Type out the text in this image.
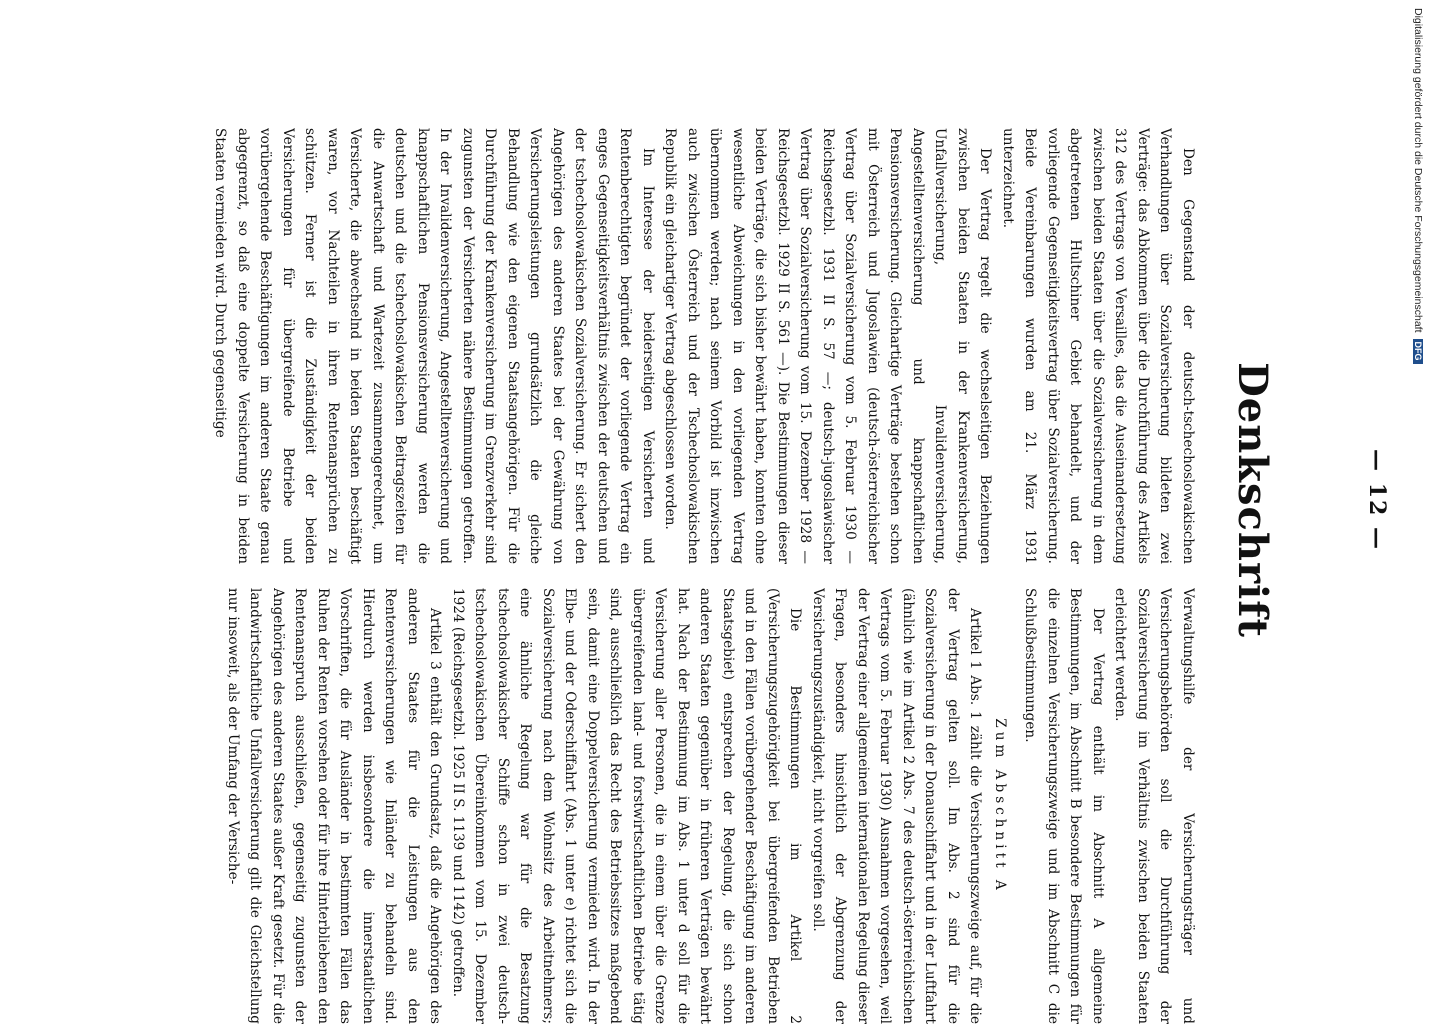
— 12 —
Denkschrift

Den Gegenstand der deutsch-tschechoslowakischen Verhandlungen über Sozialversicherung bildeten zwei Verträge: das Abkommen über die Durchführung des Artikels 312 des Vertrags von Versailles, das die Auseinandersetzung zwischen beiden Staaten über die Sozialversicherung in dem abgetretenen Hultschiner Gebiet behandelt, und der vorliegende Gegenseitigkeitsvertrag über Sozialversicherung. Beide Vereinbarungen wurden am 21. März 1931 unterzeichnet.

Der Vertrag regelt die wechselseitigen Beziehungen zwischen beiden Staaten in der Krankenversicherung, Unfallversicherung, Invalidenversicherung, Angestelltenversicherung und knappschaftlichen Pensionsversicherung. Gleichartige Verträge bestehen schon mit Österreich und Jugoslawien (deutsch-österreichischer Vertrag über Sozialversicherung vom 5. Februar 1930 — Reichsgesetzbl. 1931 II S. 57 —; deutsch-jugoslawischer Vertrag über Sozialversicherung vom 15. Dezember 1928 — Reichsgesetzbl. 1929 II S. 561 —). Die Bestimmungen dieser beiden Verträge, die sich bisher bewährt haben, konnten ohne wesentliche Abweichungen in den vorliegenden Vertrag übernommen werden; nach seinem Vorbild ist inzwischen auch zwischen Österreich und der Tschechoslowakischen Republik ein gleichartiger Vertrag abgeschlossen worden.

Im Interesse der beiderseitigen Versicherten und Rentenberechtigten begründet der vorliegende Vertrag ein enges Gegenseitigkeitsverhältnis zwischen der deutschen und der tschechoslowakischen Sozialversicherung. Er sichert den Angehörigen des anderen Staates bei der Gewährung von Versicherungsleistungen grundsätzlich die gleiche Behandlung wie den eigenen Staatsangehörigen. Für die Durchführung der Krankenversicherung im Grenzverkehr sind zugunsten der Versicherten nähere Bestimmungen getroffen. In der Invalidenversicherung, Angestelltenversicherung und knappschaftlichen Pensionsversicherung werden die deutschen und die tschechoslowakischen Beitragszeiten für die Anwartschaft und Wartezeit zusammengerechnet, um Versicherte, die abwechselnd in beiden Staaten beschäftigt waren, vor Nachteilen in ihren Rentenansprüchen zu schützen. Ferner ist die Zuständigkeit der beiden Versicherungen für übergreifende Betriebe und vorübergehende Beschäftigungen im anderen Staate genau abgegrenzt, so daß eine doppelte Versicherung in beiden Staaten vermieden wird. Durch gegenseitige

Verwaltungshilfe der Versicherungsträger und Versicherungsbehörden soll die Durchführung der Sozialversicherung im Verhältnis zwischen beiden Staaten erleichtert werden.

Der Vertrag enthält im Abschnitt A allgemeine Bestimmungen, im Abschnitt B besondere Bestimmungen für die einzelnen Versicherungszweige und im Abschnitt C die Schlußbestimmungen.

Zum Abschnitt A

Artikel 1 Abs. 1 zählt die Versicherungszweige auf, für die der Vertrag gelten soll. Im Abs. 2 sind für die Sozialversicherung in der Donauschiffahrt und in der Luftfahrt (ähnlich wie im Artikel 2 Abs. 7 des deutsch-österreichischen Vertrags vom 5. Februar 1930) Ausnahmen vorgesehen, weil der Vertrag einer allgemeinen internationalen Regelung dieser Fragen, besonders hinsichtlich der Abgrenzung der Versicherungszuständigkeit, nicht vorgreifen soll.

Die Bestimmungen im Artikel 2 (Versicherungszugehörigkeit bei übergreifenden Betrieben und in den Fällen vorübergehender Beschäftigung im anderen Staatsgebiet) entsprechen der Regelung, die sich schon anderen Staaten gegenüber in früheren Verträgen bewährt hat. Nach der Bestimmung im Abs. 1 unter d soll für die Versicherung aller Personen, die in einem über die Grenze übergreifenden land- und forstwirtschaftlichen Betriebe tätig sind, ausschließlich das Recht des Betriebssitzes maßgebend sein, damit eine Doppelversicherung vermieden wird. In der Elbe- und der Oderschiffahrt (Abs. 1 unter e) richtet sich die Sozialversicherung nach dem Wohnsitz des Arbeitnehmers; eine ähnliche Regelung war für die Besatzung tschechoslowakischer Schiffe schon in zwei deutsch-tschechoslowakischen Übereinkommen vom 15. Dezember 1924 (Reichsgesetzbl. 1925 II S. 1139 und 1142) getroffen.

Artikel 3 enthält den Grundsatz, daß die Angehörigen des anderen Staates für die Leistungen aus den Rentenversicherungen wie Inländer zu behandeln sind. Hierdurch werden insbesondere die innerstaatlichen Vorschriften, die für Ausländer in bestimmten Fällen das Ruhen der Renten vorsehen oder für ihre Hinterbliebenen den Rentenanspruch ausschließen, gegenseitig zugunsten der Angehörigen des anderen Staates außer Kraft gesetzt. Für die landwirtschaftliche Unfallversicherung gilt die Gleichstellung nur insoweit, als der Umfang der Versiche-

Digitalisierung gefördert durch die Deutsche ForschungsgemeinschaftDFG
